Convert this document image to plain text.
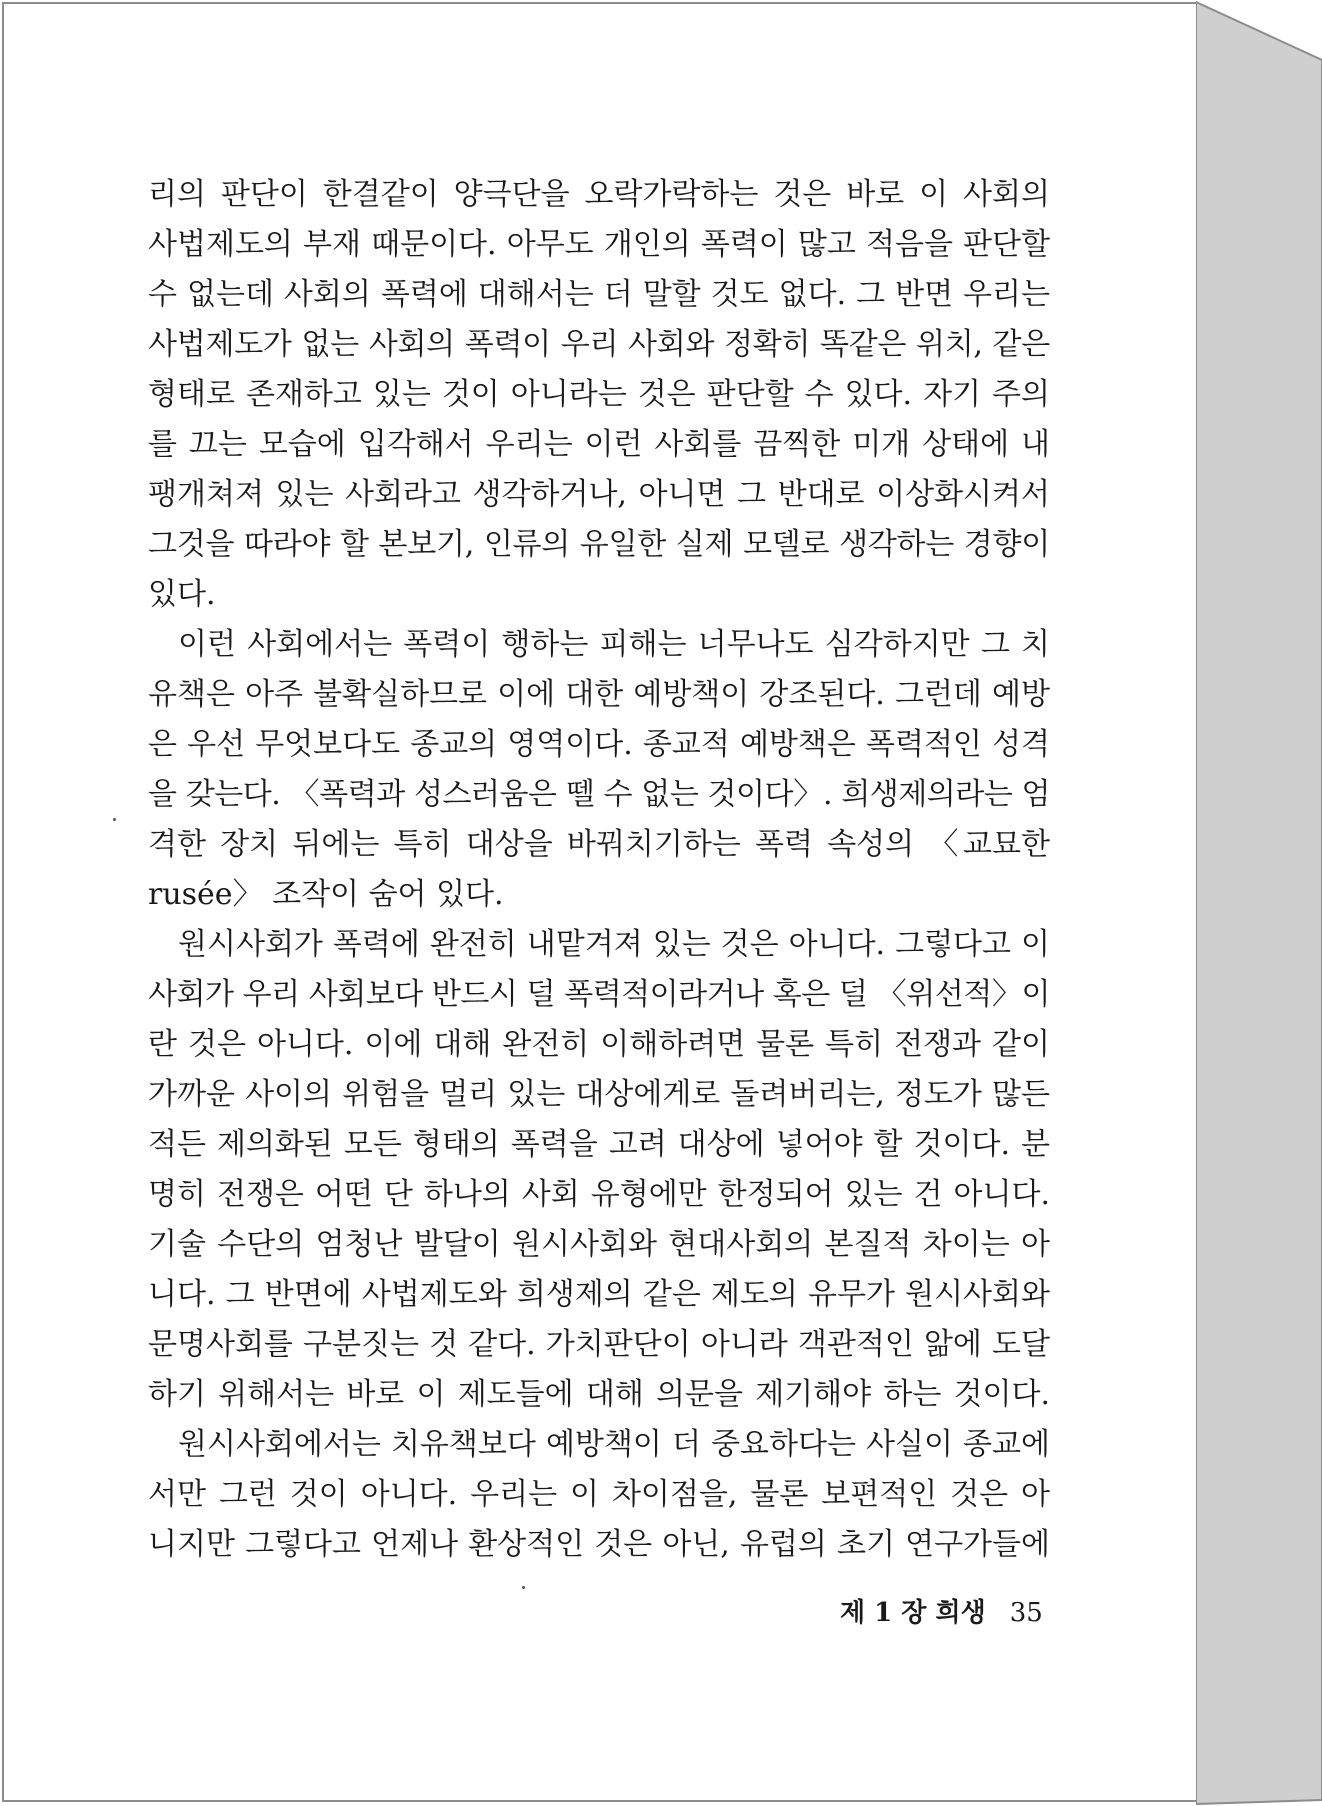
리의 판단이 한결같이 양극단을 오락가락하는 것은 바로 이 사회의
사법제도의 부재 때문이다. 아무도 개인의 폭력이 많고 적음을 판단할
수 없는데 사회의 폭력에 대해서는 더 말할 것도 없다. 그 반면 우리는
사법제도가 없는 사회의 폭력이 우리 사회와 정확히 똑같은 위치, 같은
형태로 존재하고 있는 것이 아니라는 것은 판단할 수 있다. 자기 주의
를 끄는 모습에 입각해서 우리는 이런 사회를 끔찍한 미개 상태에 내
팽개쳐져 있는 사회라고 생각하거나, 아니면 그 반대로 이상화시켜서
그것을 따라야 할 본보기, 인류의 유일한 실제 모델로 생각하는 경향이
있다.
이런 사회에서는 폭력이 행하는 피해는 너무나도 심각하지만 그 치
유책은 아주 불확실하므로 이에 대한 예방책이 강조된다. 그런데 예방
은 우선 무엇보다도 종교의 영역이다. 종교적 예방책은 폭력적인 성격
을 갖는다. 〈폭력과 성스러움은 뗄 수 없는 것이다〉. 희생제의라는 엄
격한 장치 뒤에는 특히 대상을 바꿔치기하는 폭력 속성의 〈교묘한
rusée〉 조작이 숨어 있다.
원시사회가 폭력에 완전히 내맡겨져 있는 것은 아니다. 그렇다고 이
사회가 우리 사회보다 반드시 덜 폭력적이라거나 혹은 덜 〈위선적〉이
란 것은 아니다. 이에 대해 완전히 이해하려면 물론 특히 전쟁과 같이
가까운 사이의 위험을 멀리 있는 대상에게로 돌려버리는, 정도가 많든
적든 제의화된 모든 형태의 폭력을 고려 대상에 넣어야 할 것이다. 분
명히 전쟁은 어떤 단 하나의 사회 유형에만 한정되어 있는 건 아니다.
기술 수단의 엄청난 발달이 원시사회와 현대사회의 본질적 차이는 아
니다. 그 반면에 사법제도와 희생제의 같은 제도의 유무가 원시사회와
문명사회를 구분짓는 것 같다. 가치판단이 아니라 객관적인 앎에 도달
하기 위해서는 바로 이 제도들에 대해 의문을 제기해야 하는 것이다.
원시사회에서는 치유책보다 예방책이 더 중요하다는 사실이 종교에
서만 그런 것이 아니다. 우리는 이 차이점을, 물론 보편적인 것은 아
니지만 그렇다고 언제나 환상적인 것은 아닌, 유럽의 초기 연구가들에
제 1 장 희생 35
